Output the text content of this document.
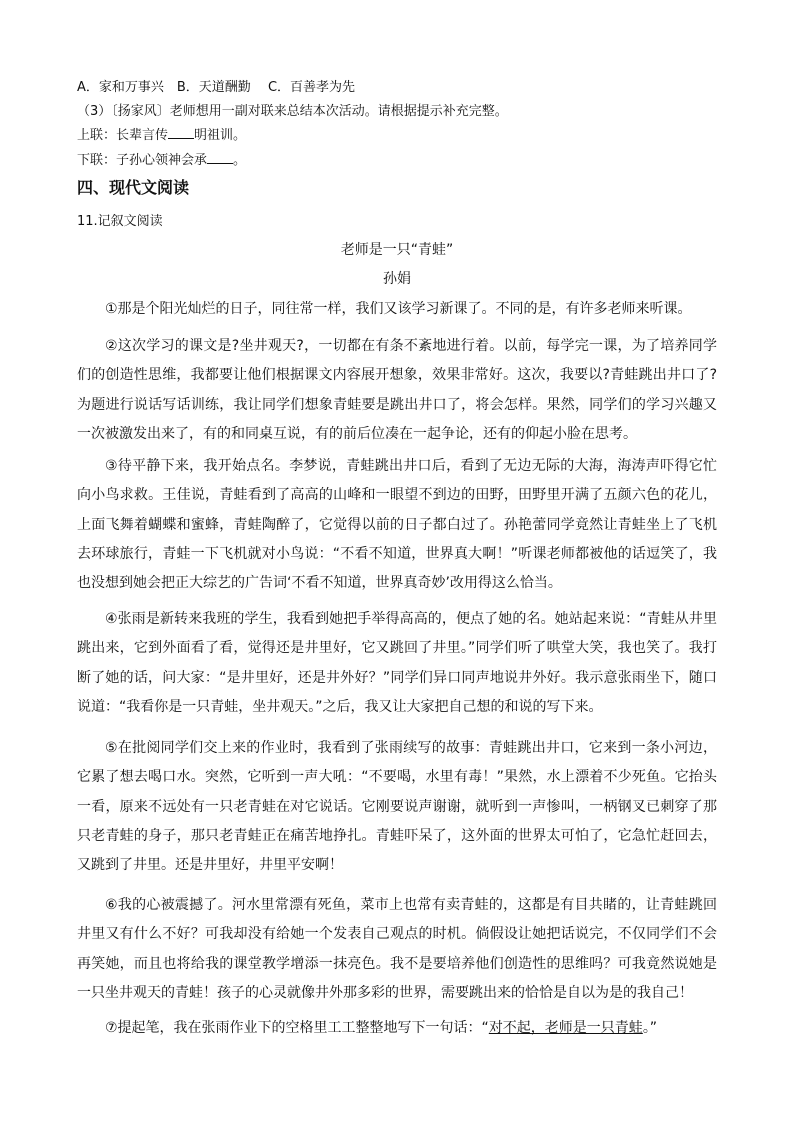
A．家和万事兴　B．天道酬勤　 C．百善孝为先
（3）〔扬家风〕老师想用一副对联来总结本次活动。请根据提示补充完整。
上联：长辈言传 明祖训。
下联：子孙心领神会承 。
四、现代文阅读
11.记叙文阅读
老师是一只“青蛙”
孙娟

①那是个阳光灿烂的日子，同往常一样，我们又该学习新课了。不同的是，有许多老师来听课。

②这次学习的课文是?坐井观天?，一切都在有条不紊地进行着。以前，每学完一课，为了培养同学们的创造性思维，我都要让他们根据课文内容展开想象，效果非常好。这次，我要以?青蛙跳出井口了?为题进行说话写话训练，我让同学们想象青蛙要是跳出井口了，将会怎样。果然，同学们的学习兴趣又一次被激发出来了，有的和同桌互说，有的前后位凑在一起争论，还有的仰起小脸在思考。

③待平静下来，我开始点名。李梦说，青蛙跳出井口后，看到了无边无际的大海，海涛声吓得它忙向小鸟求救。王佳说，青蛙看到了高高的山峰和一眼望不到边的田野，田野里开满了五颜六色的花儿，上面飞舞着蝴蝶和蜜蜂，青蛙陶醉了，它觉得以前的日子都白过了。孙艳蕾同学竟然让青蛙坐上了飞机去环球旅行，青蛙一下飞机就对小鸟说：“不看不知道，世界真大啊！”听课老师都被他的话逗笑了，我也没想到她会把正大综艺的广告词‘不看不知道，世界真奇妙’改用得这么恰当。

④张雨是新转来我班的学生，我看到她把手举得高高的，便点了她的名。她站起来说：“青蛙从井里跳出来，它到外面看了看，觉得还是井里好，它又跳回了井里。”同学们听了哄堂大笑，我也笑了。我打断了她的话，问大家：“是井里好，还是井外好？”同学们异口同声地说井外好。我示意张雨坐下，随口说道：“我看你是一只青蛙，坐井观天。”之后，我又让大家把自己想的和说的写下来。

⑤在批阅同学们交上来的作业时，我看到了张雨续写的故事：青蛙跳出井口，它来到一条小河边，它累了想去喝口水。突然，它听到一声大吼：“不要喝，水里有毒！”果然，水上漂着不少死鱼。它抬头一看，原来不远处有一只老青蛙在对它说话。它刚要说声谢谢，就听到一声惨叫，一柄钢叉已刺穿了那只老青蛙的身子，那只老青蛙正在痛苦地挣扎。青蛙吓呆了，这外面的世界太可怕了，它急忙赶回去，又跳到了井里。还是井里好，井里平安啊！

⑥我的心被震撼了。河水里常漂有死鱼，菜市上也常有卖青蛙的，这都是有目共睹的，让青蛙跳回井里又有什么不好？可我却没有给她一个发表自己观点的时机。倘假设让她把话说完，不仅同学们不会再笑她，而且也将给我的课堂教学增添一抹亮色。我不是要培养他们创造性的思维吗？可我竟然说她是一只坐井观天的青蛙！孩子的心灵就像井外那多彩的世界，需要跳出来的恰恰是自以为是的我自己！

⑦提起笔，我在张雨作业下的空格里工工整整地写下一句话：“对不起，老师是一只青蛙。”
